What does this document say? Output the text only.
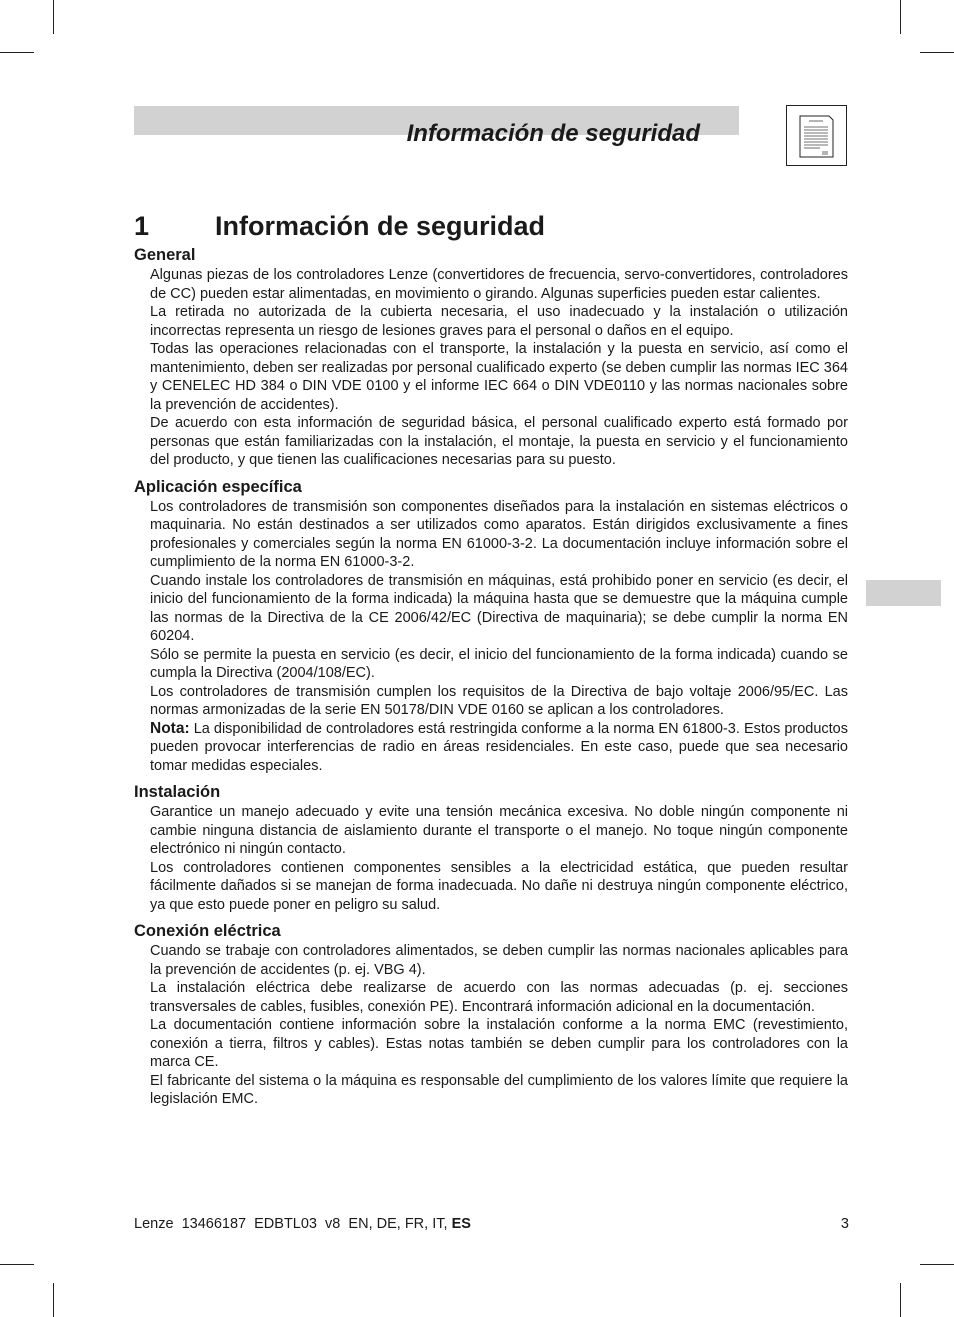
Información de seguridad
1 Información de seguridad
General

Algunas piezas de los controladores Lenze (convertidores de frecuencia, servo-convertidores, controladores de CC) pueden estar alimentadas, en movimiento o girando. Algunas superficies pueden estar calientes.

La retirada no autorizada de la cubierta necesaria, el uso inadecuado y la instalación o utilización incorrectas representa un riesgo de lesiones graves para el personal o daños en el equipo.

Todas las operaciones relacionadas con el transporte, la instalación y la puesta en servicio, así como el mantenimiento, deben ser realizadas por personal cualificado experto (se deben cumplir las normas IEC 364 y CENELEC HD 384 o DIN VDE 0100 y el informe IEC 664 o DIN VDE0110 y las normas nacionales sobre la prevención de accidentes).

De acuerdo con esta información de seguridad básica, el personal cualificado experto está formado por personas que están familiarizadas con la instalación, el montaje, la puesta en servicio y el funcionamiento del producto, y que tienen las cualificaciones necesarias para su puesto.

Aplicación específica

Los controladores de transmisión son componentes diseñados para la instalación en sistemas eléctricos o maquinaria. No están destinados a ser utilizados como aparatos. Están dirigidos exclusivamente a fines profesionales y comerciales según la norma EN 61000-3-2. La documentación incluye información sobre el cumplimiento de la norma EN 61000-3-2.

Cuando instale los controladores de transmisión en máquinas, está prohibido poner en servicio (es decir, el inicio del funcionamiento de la forma indicada) la máquina hasta que se demuestre que la máquina cumple las normas de la Directiva de la CE 2006/42/EC (Directiva de maquinaria); se debe cumplir la norma EN 60204.

Sólo se permite la puesta en servicio (es decir, el inicio del funcionamiento de la forma indicada) cuando se cumpla la Directiva (2004/108/EC).

Los controladores de transmisión cumplen los requisitos de la Directiva de bajo voltaje 2006/95/EC. Las normas armonizadas de la serie EN 50178/DIN VDE 0160 se aplican a los controladores.

Nota: La disponibilidad de controladores está restringida conforme a la norma EN 61800-3. Estos productos pueden provocar interferencias de radio en áreas residenciales. En este caso, puede que sea necesario tomar medidas especiales.

Instalación

Garantice un manejo adecuado y evite una tensión mecánica excesiva. No doble ningún componente ni cambie ninguna distancia de aislamiento durante el transporte o el manejo. No toque ningún componente electrónico ni ningún contacto.

Los controladores contienen componentes sensibles a la electricidad estática, que pueden resultar fácilmente dañados si se manejan de forma inadecuada. No dañe ni destruya ningún componente eléctrico, ya que esto puede poner en peligro su salud.

Conexión eléctrica

Cuando se trabaje con controladores alimentados, se deben cumplir las normas nacionales aplicables para la prevención de accidentes (p. ej. VBG 4).

La instalación eléctrica debe realizarse de acuerdo con las normas adecuadas (p. ej. secciones transversales de cables, fusibles, conexión PE). Encontrará información adicional en la documentación.

La documentación contiene información sobre la instalación conforme a la norma EMC (revestimiento, conexión a tierra, filtros y cables). Estas notas también se deben cumplir para los controladores con la marca CE.

El fabricante del sistema o la máquina es responsable del cumplimiento de los valores límite que requiere la legislación EMC.

Lenze  13466187  EDBTL03  v8  EN, DE, FR, IT, ES	3
